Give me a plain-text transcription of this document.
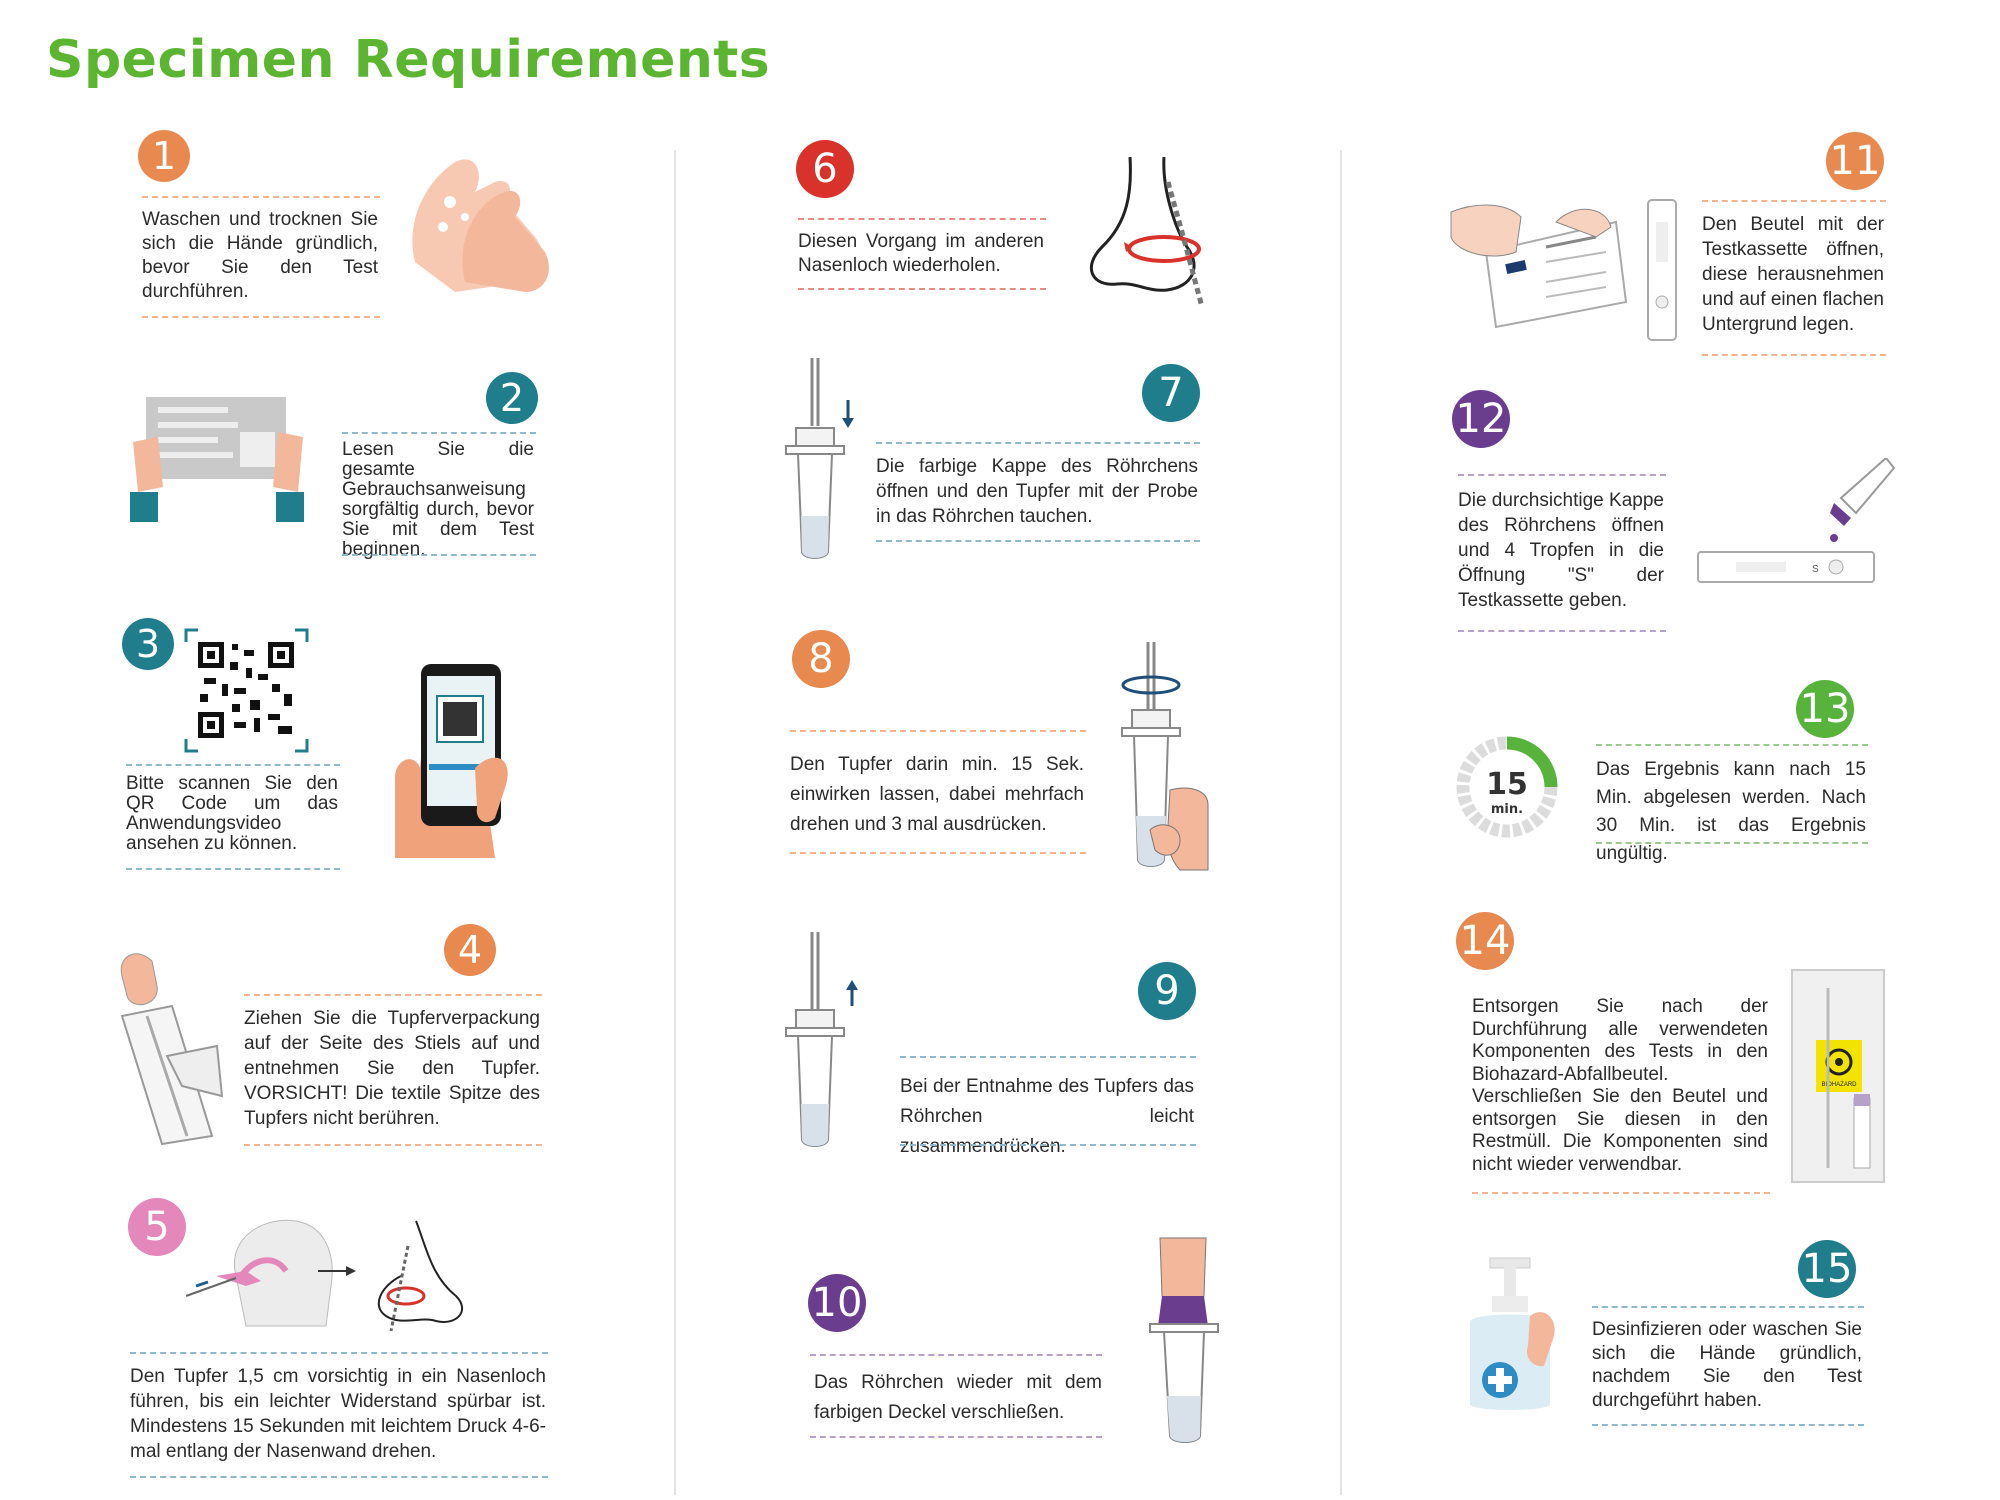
Specimen Requirements
1
Waschen und trocknen Sie sich die Hände gründlich, bevor Sie den Test durchführen.
2
Lesen Sie die gesamte Gebrauchsanweisung sorgfältig durch, bevor Sie mit dem Test beginnen.
3
Bitte scannen Sie den QR Code um das Anwendungsvideo ansehen zu können.
4
Ziehen Sie die Tupferverpackung auf der Seite des Stiels auf und entnehmen Sie den Tupfer. VORSICHT! Die textile Spitze des Tupfers nicht berühren.
5
Den Tupfer 1,5 cm vorsichtig in ein Nasenloch führen, bis ein leichter Widerstand spürbar ist. Mindestens 15 Sekunden mit leichtem Druck 4-6-mal entlang der Nasenwand drehen.
6
Diesen Vorgang im anderen Nasenloch wiederholen.
7
Die farbige Kappe des Röhrchens öffnen und den Tupfer mit der Probe in das Röhrchen tauchen.
8
Den Tupfer darin min. 15 Sek. einwirken lassen, dabei mehrfach drehen und 3 mal ausdrücken.
9
Bei der Entnahme des Tupfers das Röhrchen leicht zusammendrücken.
10
Das Röhrchen wieder mit dem farbigen Deckel verschließen.
11
Den Beutel mit der Testkassette öffnen, diese herausnehmen und auf einen flachen Untergrund legen.
12
Die durchsichtige Kappe des Röhrchens öffnen und 4 Tropfen in die Öffnung "S" der Testkassette geben.
S
13
15
min.
Das Ergebnis kann nach 15 Min. abgelesen werden. Nach 30 Min. ist das Ergebnis ungültig.
14
Entsorgen Sie nach der Durchführung alle verwendeten Komponenten des Tests in den Biohazard-Abfallbeutel. Verschließen Sie den Beutel und entsorgen Sie diesen in den Restmüll. Die Komponenten sind nicht wieder verwendbar.
BIOHAZARD
15
Desinfizieren oder waschen Sie sich die Hände gründlich, nachdem Sie den Test durchgeführt haben.
